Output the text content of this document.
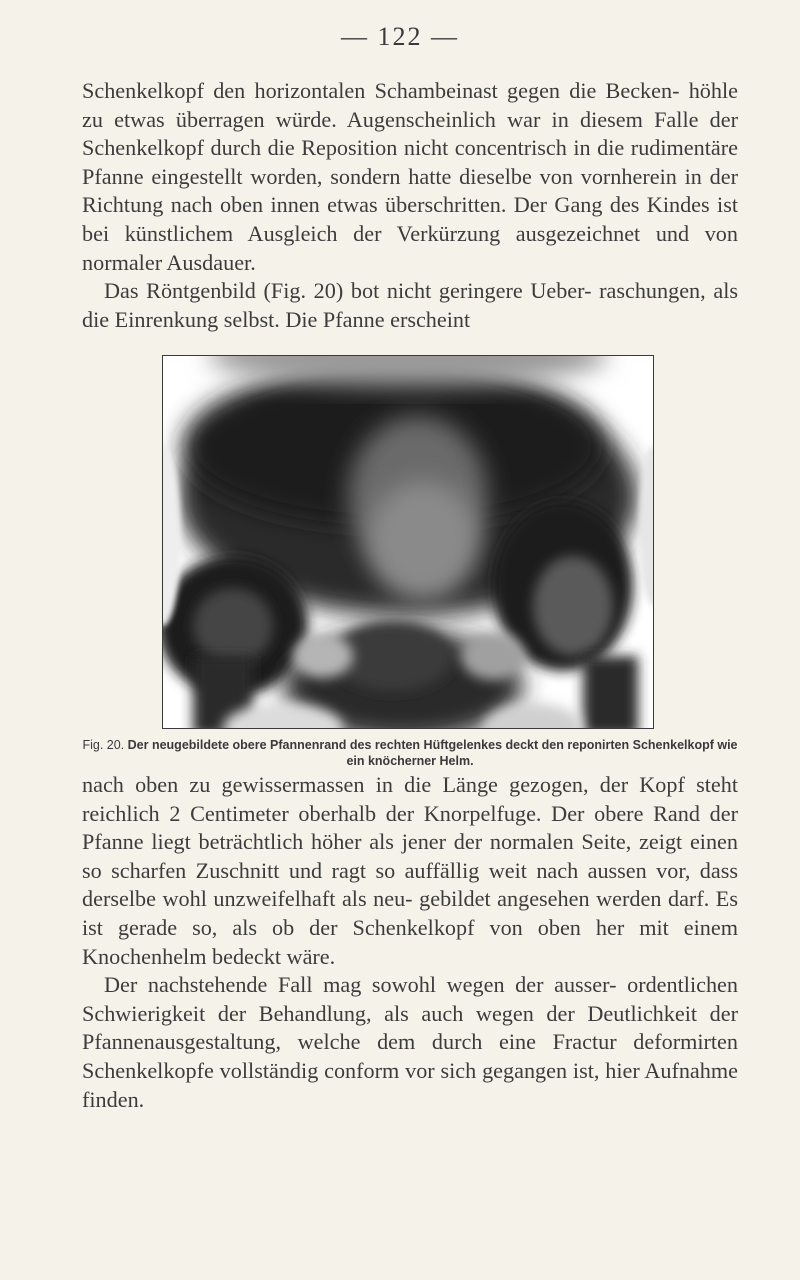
— 122 —

Schenkelkopf den horizontalen Schambeinast gegen die Becken- höhle zu etwas überragen würde. Augenscheinlich war in diesem Falle der Schenkelkopf durch die Reposition nicht concentrisch in die rudimentäre Pfanne eingestellt worden, sondern hatte dieselbe von vornherein in der Richtung nach oben innen etwas überschritten. Der Gang des Kindes ist bei künstlichem Ausgleich der Verkürzung ausgezeichnet und von normaler Ausdauer.

Das Röntgenbild (Fig. 20) bot nicht geringere Ueber- raschungen, als die Einrenkung selbst. Die Pfanne erscheint

Fig. 20. Der neugebildete obere Pfannenrand des rechten Hüftgelenkes deckt den reponirten Schenkelkopf wie ein knöcherner Helm.

nach oben zu gewissermassen in die Länge gezogen, der Kopf steht reichlich 2 Centimeter oberhalb der Knorpelfuge. Der obere Rand der Pfanne liegt beträchtlich höher als jener der normalen Seite, zeigt einen so scharfen Zuschnitt und ragt so auffällig weit nach aussen vor, dass derselbe wohl unzweifelhaft als neu- gebildet angesehen werden darf. Es ist gerade so, als ob der Schenkelkopf von oben her mit einem Knochenhelm bedeckt wäre.

Der nachstehende Fall mag sowohl wegen der ausser- ordentlichen Schwierigkeit der Behandlung, als auch wegen der Deutlichkeit der Pfannenausgestaltung, welche dem durch eine Fractur deformirten Schenkelkopfe vollständig conform vor sich gegangen ist, hier Aufnahme finden.
